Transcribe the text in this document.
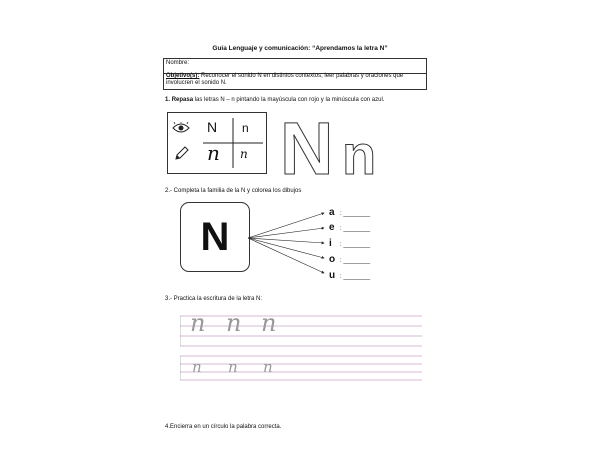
Guía Lenguaje y comunicación: “Aprendamos la letra N”
Nombre:
Objetivo(s): Reconocer el sonido N en distintos contextos, leer palabras y oraciones que involucren el sonido N.
1. Repasa las letras N – n pintando la mayúscula con rojo y la minúscula con azul.
N n
n n N n
2.- Completa la familia de la N y colorea los dibujos
N
a
e
i
o
u
: ________
: ________
: ________
: ________
: ________
3.- Practica la escritura de la letra N:
n n n
n n n
4.Encierra en un círculo la palabra correcta.
